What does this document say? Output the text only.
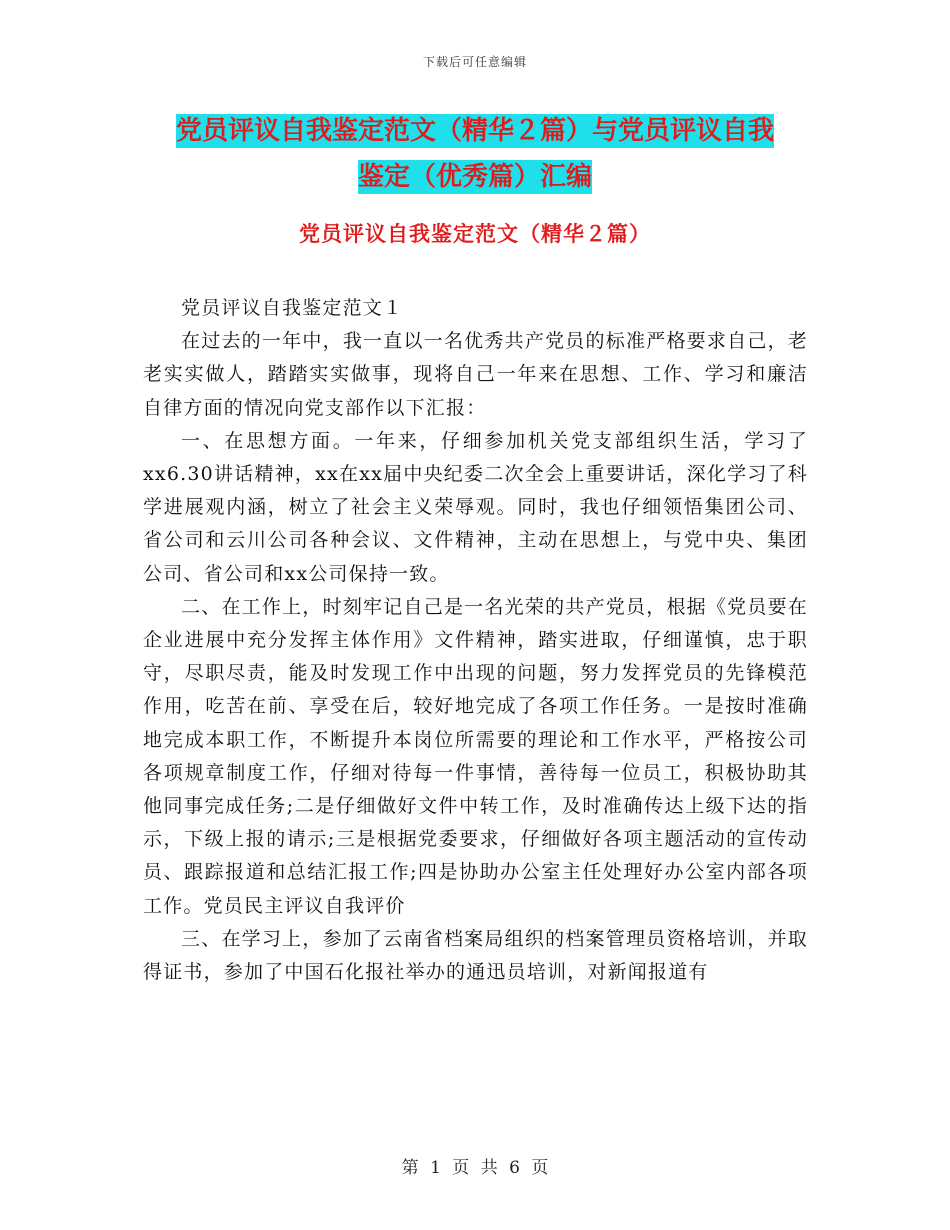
下载后可任意编辑
党员评议自我鉴定范文（精华２篇）与党员评议自我
鉴定（优秀篇）汇编
党员评议自我鉴定范文（精华２篇）

党员评议自我鉴定范文１

在过去的一年中，我一直以一名优秀共产党员的标准严格要求自己，老老实实做人，踏踏实实做事，现将自己一年来在思想、工作、学习和廉洁自律方面的情况向党支部作以下汇报：

一、在思想方面。一年来，仔细参加机关党支部组织生活，学习了xx6.30讲话精神，xx在xx届中央纪委二次全会上重要讲话，深化学习了科学进展观内涵，树立了社会主义荣辱观。同时，我也仔细领悟集团公司、省公司和云川公司各种会议、文件精神，主动在思想上，与党中央、集团公司、省公司和xx公司保持一致。

二、在工作上，时刻牢记自己是一名光荣的共产党员，根据《党员要在企业进展中充分发挥主体作用》文件精神，踏实进取，仔细谨慎，忠于职守，尽职尽责，能及时发现工作中出现的问题，努力发挥党员的先锋模范作用，吃苦在前、享受在后，较好地完成了各项工作任务。一是按时准确地完成本职工作，不断提升本岗位所需要的理论和工作水平，严格按公司各项规章制度工作，仔细对待每一件事情，善待每一位员工，积极协助其他同事完成任务;二是仔细做好文件中转工作，及时准确传达上级下达的指示，下级上报的请示;三是根据党委要求，仔细做好各项主题活动的宣传动员、跟踪报道和总结汇报工作;四是协助办公室主任处理好办公室内部各项工作。党员民主评议自我评价

三、在学习上，参加了云南省档案局组织的档案管理员资格培训，并取得证书，参加了中国石化报社举办的通迅员培训，对新闻报道有

第 1 页 共 6 页
